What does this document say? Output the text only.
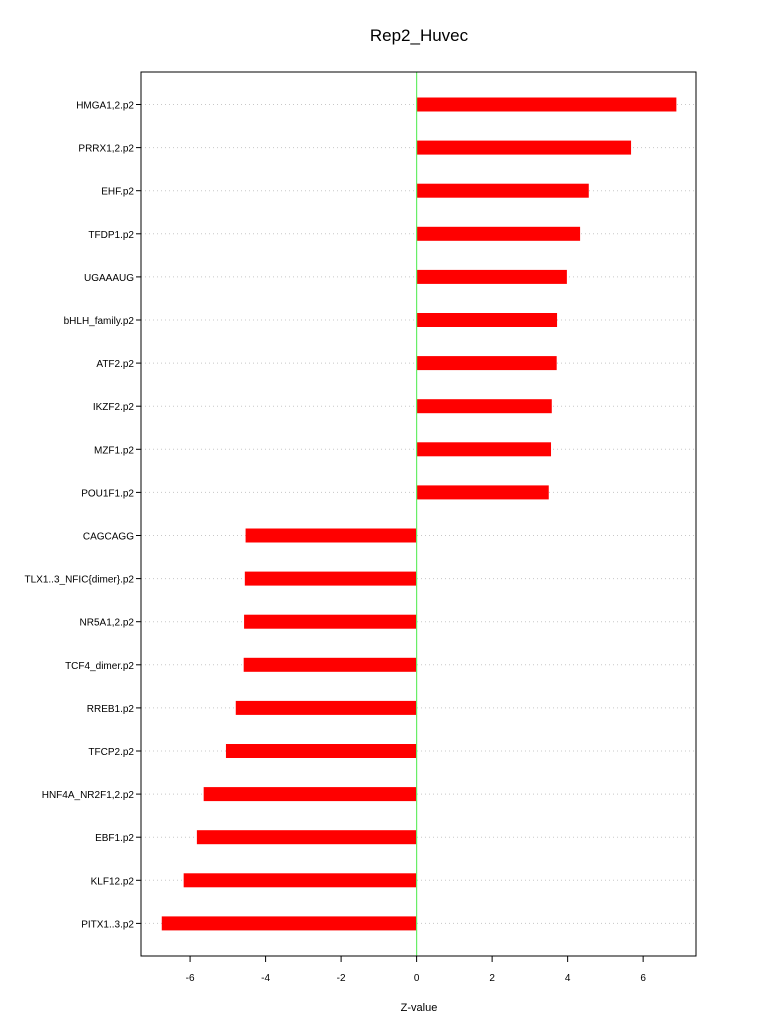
Rep2_Huvec
HMGA1,2.p2
PRRX1,2.p2
EHF.p2
TFDP1.p2
UGAAAUG
bHLH_family.p2
ATF2.p2
IKZF2.p2
MZF1.p2
POU1F1.p2
CAGCAGG
TLX1..3_NFIC{dimer}.p2
NR5A1,2.p2
TCF4_dimer.p2
RREB1.p2
TFCP2.p2
HNF4A_NR2F1,2.p2
EBF1.p2
KLF12.p2
PITX1..3.p2
-6	-4	-2	0	2	4	6
Z-value
